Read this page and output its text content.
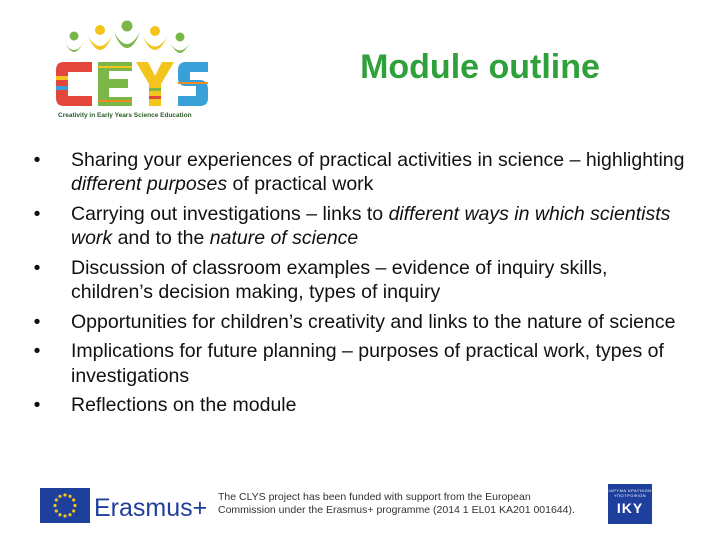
Creativity in Early Years Science Education
Module outline
• Sharing your experiences of practical activities in science – highlighting different purposes of practical work
• Carrying out investigations – links to different ways in which scientists work and to the nature of science
• Discussion of classroom examples – evidence of inquiry skills, children’s decision making, types of inquiry
• Opportunities for children’s creativity and links to the nature of science
• Implications for future planning – purposes of practical work, types of investigations
• Reflections on the module
Erasmus+ The CLYS project has been funded with support from the European
Commission under the Erasmus+ programme (2014 1 EL01 KA201 001644).
ΙΔΡΥΜΑ ΚΡΑΤΙΚΩΝ ΥΠΟΤΡΟΦΙΩΝ
IKY
